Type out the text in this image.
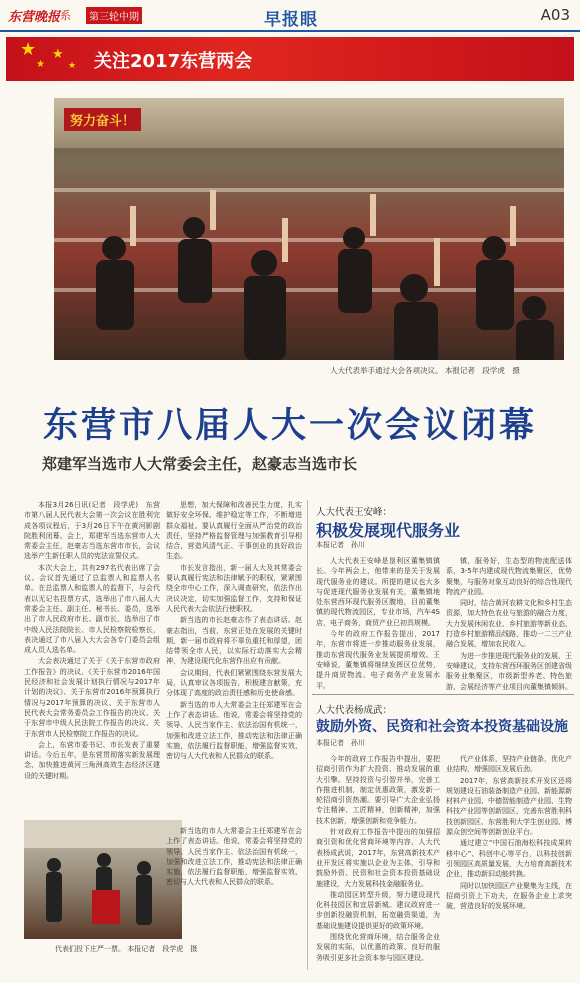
东营晚报 系	第三轮中期	早报眼	A03
★ ★
★	★ 关注2017东营两会
努力奋斗！
人大代表举手通过大会各项决议。 本报记者　段学虎　摄
东营市八届人大一次会议闭幕
郑建军当选市人大常委会主任，赵豪志当选市长

本报3月26日讯(记者　段学虎)　东营市第八届人民代表大会第一次会议在胜利完成各项议程后，于3月26日下午在黄河影剧院胜利闭幕。会上，郑建军当选东营市人大常委会主任，赵豪志当选东营市市长，会议选举产生新任职人员的宪法宣誓仪式。

本次大会上，共有297名代表出席了会议。会议首先通过了总监票人和监票人名单。在总监票人和监票人的监督下，与会代表以无记名投票方式，选举出了市八届人大常委会主任、副主任、秘书长、委员，选举出了市人民政府市长、副市长，选举出了市中级人民法院院长、市人民检察院检察长，表决通过了市八届人大大会各专门委员会组成人员人选名单。

大会表决通过了关于《关于东营市政府工作报告》的决议、《关于东营市2016年国民经济和社会发展计划执行情况与2017年计划的决议》、关于东营市2016年预算执行情况与2017年预算的决议、关于东营市人民代表大会常务委员会工作报告的决议、关于东营市中级人民法院工作报告的决议、关于东营市人民检察院工作报告的决议。

会上，东营市委书记、市长发表了重要讲话。今后五年，是东营贯彻落实新发展理念、加快推进黄河三角洲高效生态经济区建设的关键时期。

思想，加大保障和改善民生力度，扎实做好安全环保、维护稳定等工作，不断增进群众福祉。要认真履行全面从严治党的政治责任，坚持严格监督管理与加强教育引导相结合，营造风清气正、干事创业的良好政治生态。

市长发言指出，新一届人大及其常委会要认真履行宪法和法律赋予的职权，紧紧围绕全市中心工作，深入调查研究，依法作出决议决定，切实加强监督工作，支持和保证人民代表大会依法行使职权。

新当选的市长赵豪志作了表态讲话。赵豪志指出，当前，东营正处在发展的关键时期，新一届市政府将不辜负重托和厚望，团结带领全市人民，以实际行动落实大会精神，为建设现代化东营作出应有贡献。

会议期间，代表们紧紧围绕东营发展大局，认真审议各项报告，积极建言献策，充分体现了高度的政治责任感和历史使命感。

新当选的市人大常委会主任郑建军在会上作了表态讲话。他说，常委会将坚持党的领导、人民当家作主、依法治国有机统一，加强和改进立法工作，推动宪法和法律正确实施，依法履行监督职能，增强监督实效，密切与人大代表和人民群众的联系。

代表们投下庄严一票。 本报记者　段学虎　摄

新当选的市人大常委会主任郑建军在会上作了表态讲话。他说，常委会将坚持党的领导、人民当家作主、依法治国有机统一，加强和改进立法工作，推动宪法和法律正确实施，依法履行监督职能，增强监督实效，密切与人大代表和人民群众的联系。

人大代表王安峰：
积极发展现代服务业
本报记者　孙川

人大代表王安峰是垦利区董集镇镇长。今年两会上，他带来的是关于发展现代服务业的建议。所提的建议也大多与促进现代服务业发展有关，董集镇地处东营西环现代服务区腹地，目前董集镇的现代物流园区，专业市场，汽车4S店，电子商务，商贸产业已初具规模。

今年的政府工作报告提出，2017年，东营市将进一步推动服务业发展，推动东营现代服务业发展提质增效。王安峰说，董集镇将继续发挥区位优势，提升商贸物流、电子商务产业发展水平。

镇，服务好，生态型的物流配送体系，3-5年内建成现代物流集聚区，优势聚集，与服务对象互动良好的综合性现代物流产业园。

同时，结合黄河农耕文化和乡村生态资源，加大特色农业与旅游的融合力度，大力发展休闲农业、乡村旅游等新业态，打造乡村旅游精品线路，推动一二三产业融合发展，增加农民收入。

为进一步推进现代服务业的发展，王安峰建议，支持东营西环服务区创建省级服务业集聚区，市级新型养老、特色旅游、会展经济等产业项目向董集镇倾斜。

人大代表杨成武：
鼓励外资、民资和社会资本投资基础设施
本报记者　孙川

今年的政府工作报告中提出，要把招商引资作为扩大投资、推动发展的重大引擎。坚持投资与引智并举，完善工作推进机制，制定优惠政策，激发新一轮招商引资热潮。要引导广大企业弘扬专注精神、工匠精神，创新精神，加强技术创新，增强创新和竞争能力。

针对政府工作报告中提出的加强招商引资和优化营商环境等内容，人大代表杨成武说，2017年，东营高新技术产业开发区将实施以企业为主体，引导和鼓励外资、民资和社会资本投资基础设施建设，大力发展科技金融服务业。

推动园区转型升级，努力建设现代化科技园区和宜居新城。建议政府进一步创新投融资机制，拓宽融资渠道，为基础设施建设提供更好的政策环境。

围绕优化营商环境，结合服务企业发展的实际，以优惠的政策、良好的服务吸引更多社会资本参与园区建设。

代产业体系，坚持产业链条，优化产业结构，增强园区发展后劲。

2017年，东营高新技术开发区还将规划建设石油装备制造产业园、新能源新材料产业园、中德智能制造产业园、生物科技产业园等创新园区，完善东营胜利科技创新园区、东营胜利大学生创业园、博源众创空间等创新创业平台。

通过建立“中国石油海松科技成果转移中心”、科创中心等平台，以科技创新引领园区高质量发展，大力培育高新技术企业，推动新旧动能转换。

同时以加快园区产业聚集为主线，在招商引资上下功夫，在服务企业上求突破，营造良好的发展环境。
